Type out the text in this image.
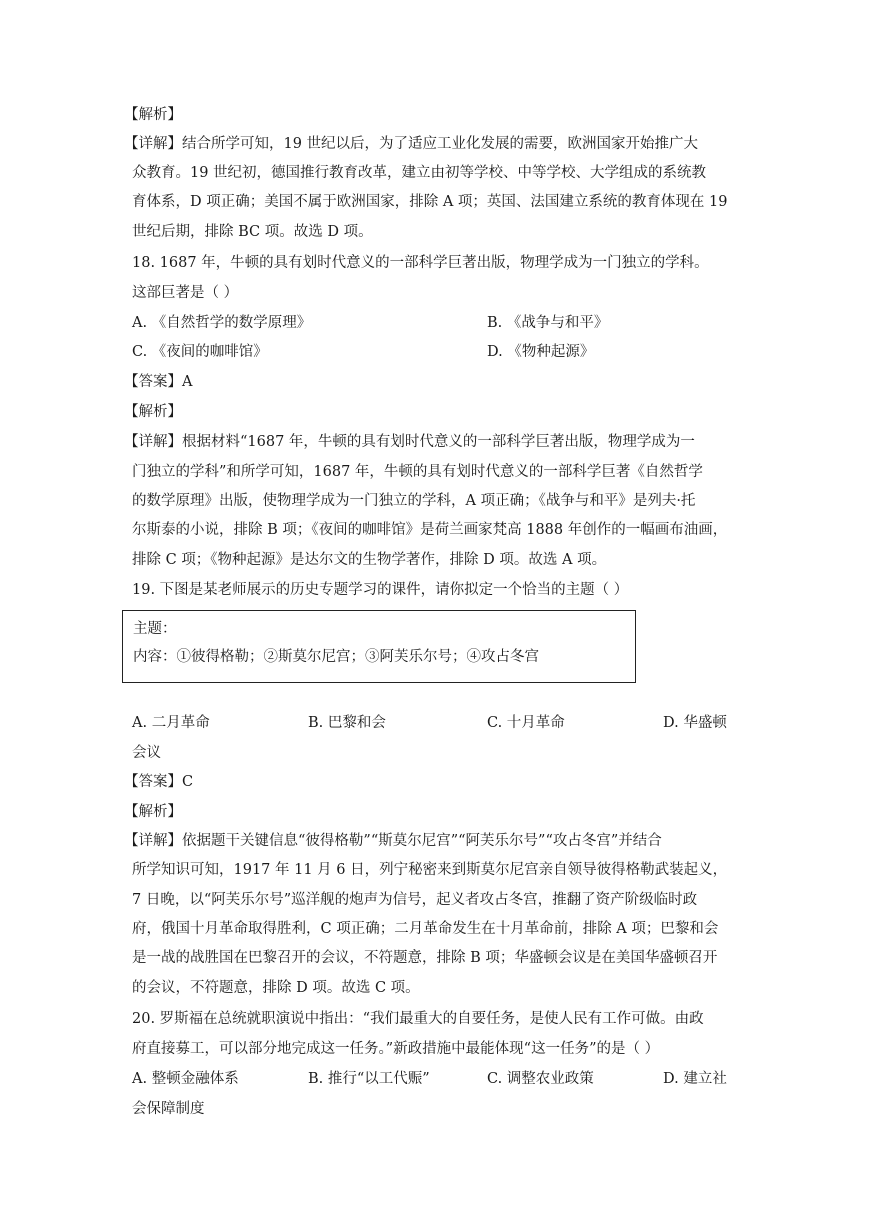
【解析】
【详解】结合所学可知，19 世纪以后，为了适应工业化发展的需要，欧洲国家开始推广大
众教育。19 世纪初，德国推行教育改革，建立由初等学校、中等学校、大学组成的系统教
育体系，D 项正确；美国不属于欧洲国家，排除 A 项；英国、法国建立系统的教育体现在 19
世纪后期，排除 BC 项。故选 D 项。
18. 1687 年，牛顿的具有划时代意义的一部科学巨著出版，物理学成为一门独立的学科。
这部巨著是（ ）
A. 《自然哲学的数学原理》	B. 《战争与和平》
C. 《夜间的咖啡馆》	D. 《物种起源》
【答案】A
【解析】
【详解】根据材料“1687 年，牛顿的具有划时代意义的一部科学巨著出版，物理学成为一
门独立的学科”和所学可知，1687 年，牛顿的具有划时代意义的一部科学巨著《自然哲学
的数学原理》出版，使物理学成为一门独立的学科，A 项正确；《战争与和平》是列夫·托
尔斯泰的小说，排除 B 项；《夜间的咖啡馆》是荷兰画家梵高 1888 年创作的一幅画布油画，
排除 C 项；《物种起源》是达尔文的生物学著作，排除 D 项。故选 A 项。
19. 下图是某老师展示的历史专题学习的课件，请你拟定一个恰当的主题（ ）
主题：
内容：①彼得格勒；②斯莫尔尼宫；③阿芙乐尔号；④攻占冬宫
A. 二月革命	B. 巴黎和会	C. 十月革命	D. 华盛顿
会议
【答案】C
【解析】
【详解】依据题干关键信息“彼得格勒”“斯莫尔尼宫”“阿芙乐尔号”“攻占冬宫”并结合
所学知识可知，1917 年 11 月 6 日，列宁秘密来到斯莫尔尼宫亲自领导彼得格勒武装起义，
7 日晚，以“阿芙乐尔号”巡洋舰的炮声为信号，起义者攻占冬宫，推翻了资产阶级临时政
府，俄国十月革命取得胜利，C 项正确；二月革命发生在十月革命前，排除 A 项；巴黎和会
是一战的战胜国在巴黎召开的会议，不符题意，排除 B 项；华盛顿会议是在美国华盛顿召开
的会议，不符题意，排除 D 项。故选 C 项。
20. 罗斯福在总统就职演说中指出：“我们最重大的自要任务，是使人民有工作可做。由政
府直接募工，可以部分地完成这一任务。”新政措施中最能体现“这一任务”的是（ ）
A. 整顿金融体系	B. 推行“以工代赈”	C. 调整农业政策	D. 建立社
会保障制度
